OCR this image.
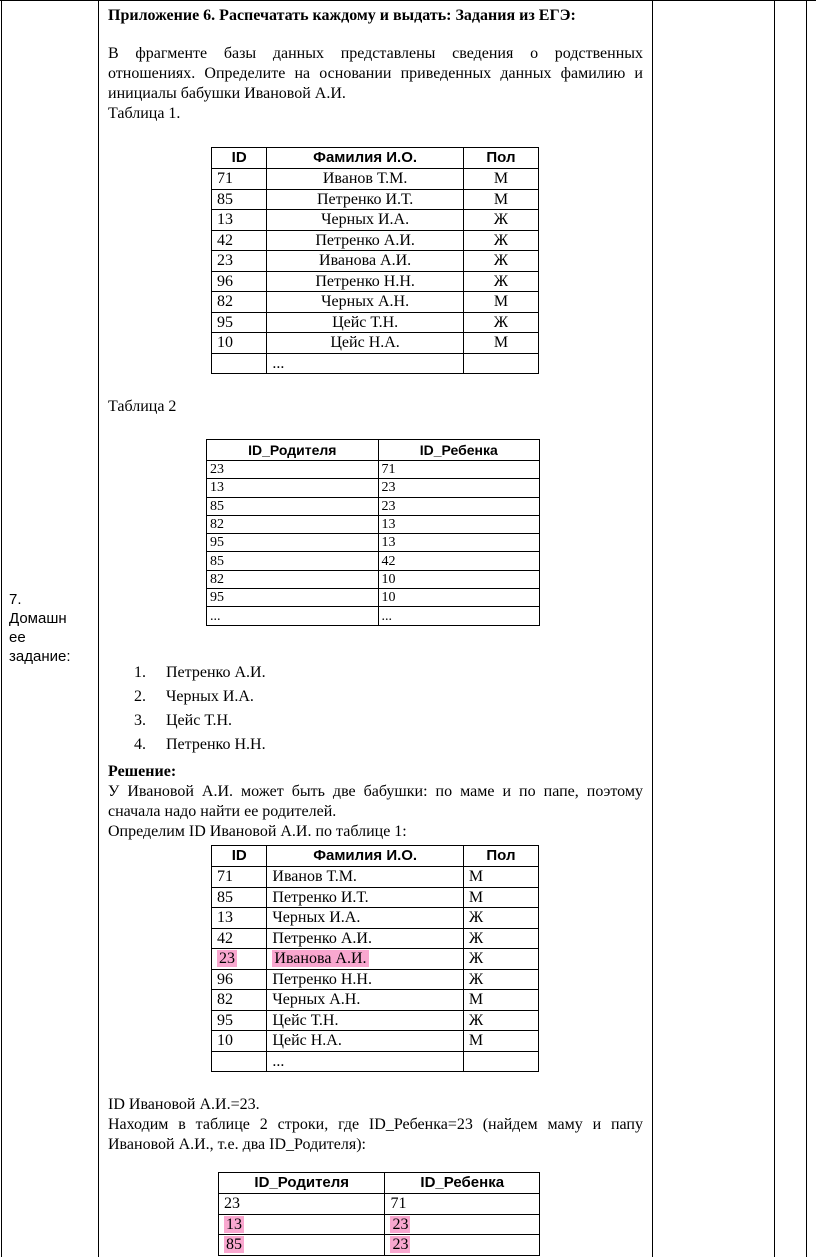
7.
Домашн
ее
задание:
Приложение 6. Распечатать каждому и выдать: Задания из ЕГЭ:
В фрагменте базы данных представлены сведения о родственных отношениях. Определите на основании приведенных данных фамилию и инициалы бабушки Ивановой А.И.
Таблица 1.
ID	Фамилия И.О.	Пол
71	Иванов Т.М.	М
85	Петренко И.Т.	М
13	Черных И.А.	Ж
42	Петренко А.И.	Ж
23	Иванова А.И.	Ж
96	Петренко Н.Н.	Ж
82	Черных А.Н.	М
95	Цейс Т.Н.	Ж
10	Цейс Н.А.	М
	...	
Таблица 2
ID_Родителя	ID_Ребенка
23	71
13	23
85	23
82	13
95	13
85	42
82	10
95	10
...	...
1. Петренко А.И.
2. Черных И.А.
3. Цейс Т.Н.
4. Петренко Н.Н.
Решение:
У Ивановой А.И. может быть две бабушки: по маме и по папе, поэтому сначала надо найти ее родителей.
Определим ID Ивановой А.И. по таблице 1:
ID	Фамилия И.О.	Пол
71	Иванов Т.М.	М
85	Петренко И.Т.	М
13	Черных И.А.	Ж
42	Петренко А.И.	Ж
23	Иванова А.И.	Ж
96	Петренко Н.Н.	Ж
82	Черных А.Н.	М
95	Цейс Т.Н.	Ж
10	Цейс Н.А.	М
	...	
ID Ивановой А.И.=23.
Находим в таблице 2 строки, где ID_Ребенка=23 (найдем маму и папу Ивановой А.И., т.е. два ID_Родителя):
ID_Родителя	ID_Ребенка
23	71
13	23
85	23
